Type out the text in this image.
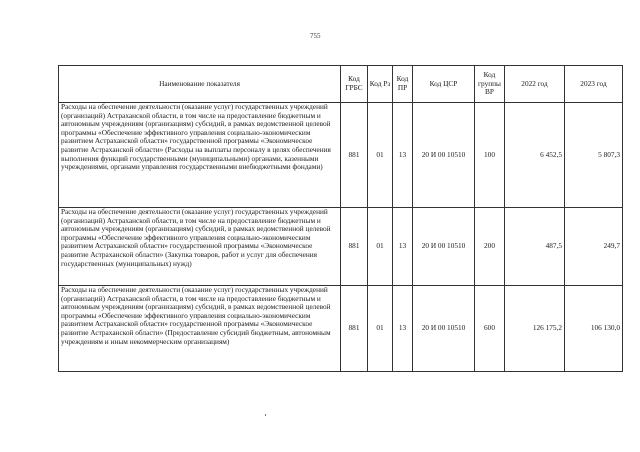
755
Наименование показателя	Код ГРБС	Код Рз	Код ПР	Код ЦСР	Код группы ВР	2022 год	2023 год
Расходы на обеспечение деятельности (оказание услуг) государственных учреждений (организаций) Астраханской области, в том числе на предоставление бюджетным и автономным учреждениям (организациям) субсидий, в рамках ведомственной целевой программы «Обеспечение эффективного управления социально-экономическим развитием Астраханской области» государственной программы «Экономическое развитие Астраханской области» (Расходы на выплаты персоналу в целях обеспечения выполнения функций государственными (муниципальными) органами, казенными учреждениями, органами управления государственными внебюджетными фондами)	881	01	13	20 И 00 10510	100	6 452,5	5 807,3
Расходы на обеспечение деятельности (оказание услуг) государственных учреждений (организаций) Астраханской области, в том числе на предоставление бюджетным и автономным учреждениям (организациям) субсидий, в рамках ведомственной целевой программы «Обеспечение эффективного управления социально-экономическим развитием Астраханской области» государственной программы «Экономическое развитие Астраханской области» (Закупка товаров, работ и услуг для обеспечения государственных (муниципальных) нужд)	881	01	13	20 И 00 10510	200	487,5	249,7
Расходы на обеспечение деятельности (оказание услуг) государственных учреждений (организаций) Астраханской области, в том числе на предоставление бюджетным и автономным учреждениям (организациям) субсидий, в рамках ведомственной целевой программы «Обеспечение эффективного управления социально-экономическим развитием Астраханской области» государственной программы «Экономическое развитие Астраханской области» (Предоставление субсидий бюджетным, автономным учреждениям и иным некоммерческим организациям)	881	01	13	20 И 00 10510	600	126 175,2	106 130,0
